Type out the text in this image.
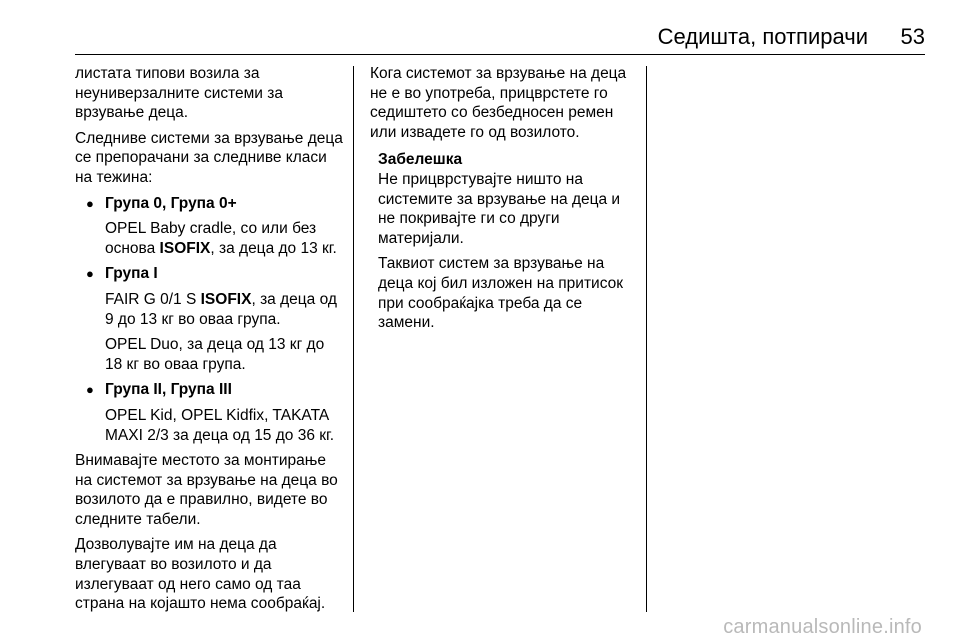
Седишта, потпирачи 53

листата типови возила за неуниверзалните системи за врзување деца.

Следниве системи за врзување деца се препорачани за следниве класи на тежина:

● Група 0, Група 0+

OPEL Baby cradle, со или без основа ISOFIX, за деца до 13 кг.

● Група I

FAIR G 0/1 S ISOFIX, за деца од 9 до 13 кг во оваа група.

OPEL Duo, за деца од 13 кг до 18 кг во оваа група.

● Група II, Група III

OPEL Kid, OPEL Kidfix, TAKATA MAXI 2/3 за деца од 15 до 36 кг.

Внимавајте местото за монтирање на системот за врзување на деца во возилото да е правилно, видете во следните табели.

Дозволувајте им на деца да влегуваат во возилото и да излегуваат од него само од таа страна на којашто нема сообраќај.

Кога системот за врзување на деца не е во употреба, прицврстете го седиштето со безбедносен ремен или извадете го од возилото.

Забелешка

Не прицврстувајте ништо на системите за врзување на деца и не покривајте ги со други материјали.

Таквиот систем за врзување на деца кој бил изложен на притисок при сообраќајка треба да се замени.

carmanualsonline.info
